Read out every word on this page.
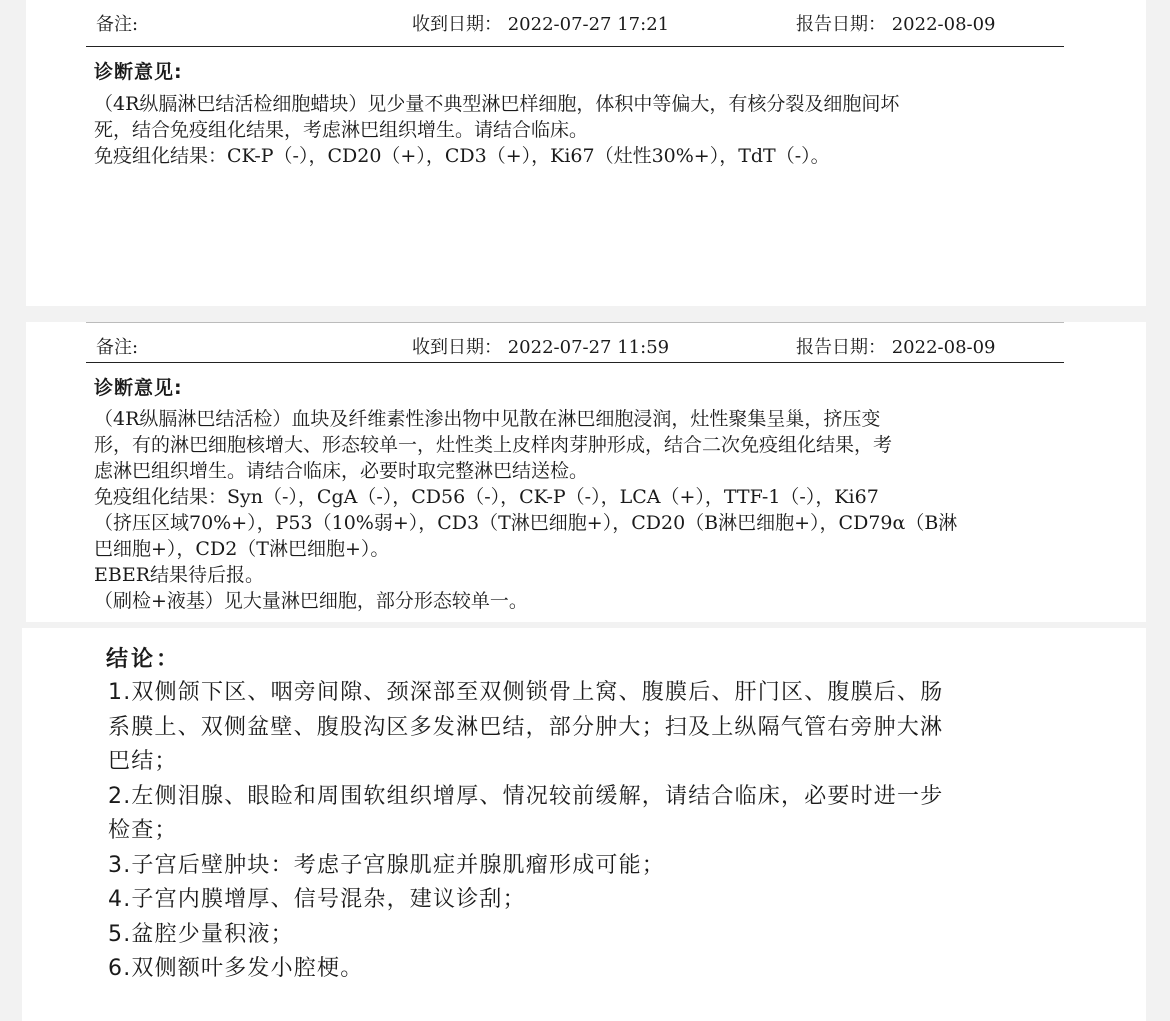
备注:	收到日期： 2022-07-27 17:21	报告日期： 2022-08-09
诊断意见:
（4R纵膈淋巴结活检细胞蜡块）见少量不典型淋巴样细胞，体积中等偏大，有核分裂及细胞间坏
死，结合免疫组化结果，考虑淋巴组织增生。请结合临床。
免疫组化结果：CK-P（-），CD20（+），CD3（+），Ki67（灶性30%+），TdT（-）。
备注:	收到日期： 2022-07-27 11:59	报告日期： 2022-08-09
诊断意见:
（4R纵膈淋巴结活检）血块及纤维素性渗出物中见散在淋巴细胞浸润，灶性聚集呈巢，挤压变
形，有的淋巴细胞核增大、形态较单一，灶性类上皮样肉芽肿形成，结合二次免疫组化结果，考
虑淋巴组织增生。请结合临床，必要时取完整淋巴结送检。
免疫组化结果：Syn（-），CgA（-），CD56（-），CK-P（-），LCA（+），TTF-1（-），Ki67
（挤压区域70%+），P53（10%弱+），CD3（T淋巴细胞+），CD20（B淋巴细胞+），CD79α（B淋
巴细胞+），CD2（T淋巴细胞+）。
EBER结果待后报。
（刷检+液基）见大量淋巴细胞，部分形态较单一。
结论：
1.双侧颌下区、咽旁间隙、颈深部至双侧锁骨上窝、腹膜后、肝门区、腹膜后、肠
系膜上、双侧盆壁、腹股沟区多发淋巴结，部分肿大；扫及上纵隔气管右旁肿大淋
巴结；
2.左侧泪腺、眼睑和周围软组织增厚、情况较前缓解，请结合临床，必要时进一步
检查；
3.子宫后壁肿块：考虑子宫腺肌症并腺肌瘤形成可能；
4.子宫内膜增厚、信号混杂，建议诊刮；
5.盆腔少量积液；
6.双侧额叶多发小腔梗。
